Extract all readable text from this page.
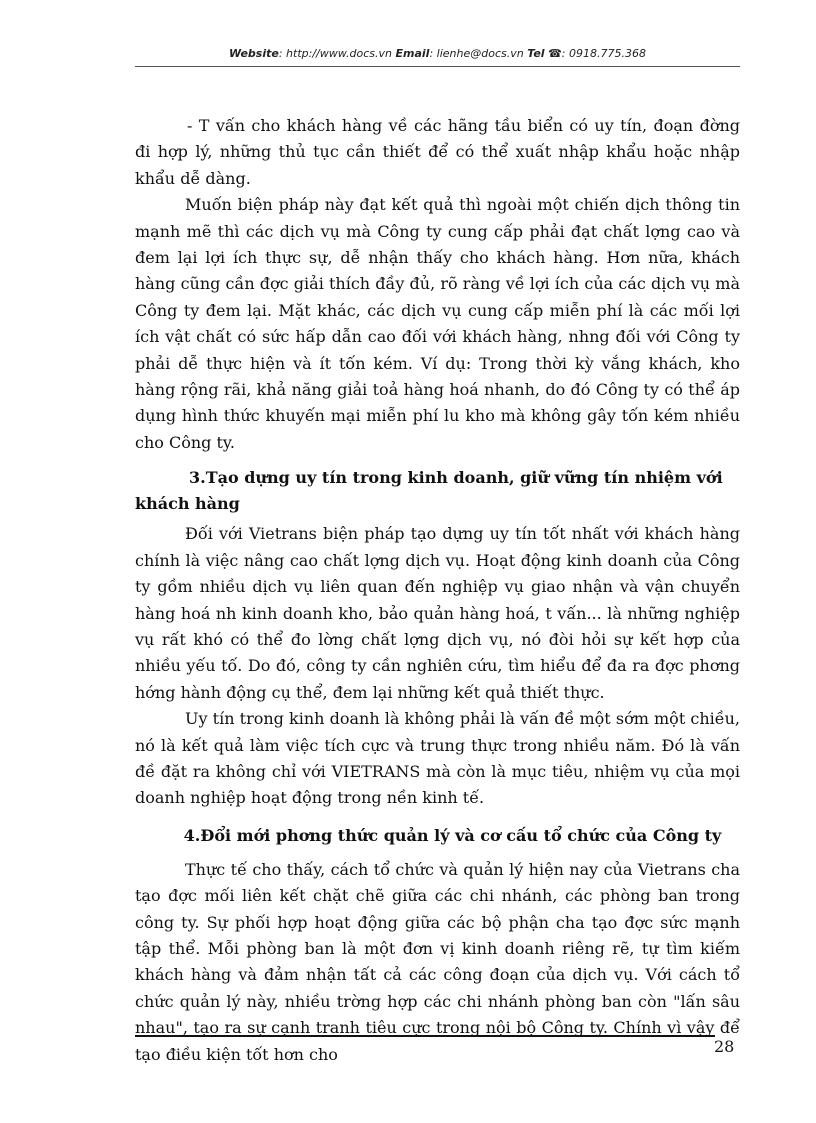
Website: http://www.docs.vn Email: lienhe@docs.vn Tel ☎: 0918.775.368

- T vấn cho khách hàng về các hãng tầu biển có uy tín, đoạn đờng đi hợp lý, những thủ tục cần thiết để có thể xuất nhập khẩu hoặc nhập khẩu dễ dàng.

Muốn biện pháp này đạt kết quả thì ngoài một chiến dịch thông tin mạnh mẽ thì các dịch vụ mà Công ty cung cấp phải đạt chất lợng cao và đem lại lợi ích thực sự, dễ nhận thấy cho khách hàng. Hơn nữa, khách hàng cũng cần đợc giải thích đầy đủ, rõ ràng về lợi ích của các dịch vụ mà Công ty đem lại. Mặt khác, các dịch vụ cung cấp miễn phí là các mối lợi ích vật chất có sức hấp dẫn cao đối với khách hàng, nhng đối với Công ty phải dễ thực hiện và ít tốn kém. Ví dụ: Trong thời kỳ vắng khách, kho hàng rộng rãi, khả năng giải toả hàng hoá nhanh, do đó Công ty có thể áp dụng hình thức khuyến mại miễn phí lu kho mà không gây tốn kém nhiều cho Công ty.

3.Tạo dựng uy tín trong kinh doanh, giữ vững tín nhiệm với khách hàng

Đối với Vietrans biện pháp tạo dựng uy tín tốt nhất với khách hàng chính là việc nâng cao chất lợng dịch vụ. Hoạt động kinh doanh của Công ty gồm nhiều dịch vụ liên quan đến nghiệp vụ giao nhận và vận chuyển hàng hoá nh kinh doanh kho, bảo quản hàng hoá, t vấn... là những nghiệp vụ rất khó có thể đo lờng chất lợng dịch vụ, nó đòi hỏi sự kết hợp của nhiều yếu tố. Do đó, công ty cần nghiên cứu, tìm hiểu để đa ra đợc phơng hớng hành động cụ thể, đem lại những kết quả thiết thực.

Uy tín trong kinh doanh là không phải là vấn đề một sớm một chiều, nó là kết quả làm việc tích cực và trung thực trong nhiều năm. Đó là vấn đề đặt ra không chỉ với VIETRANS mà còn là mục tiêu, nhiệm vụ của mọi doanh nghiệp hoạt động trong nền kinh tế.

4.Đổi mới phơng thức quản lý và cơ cấu tổ chức của Công ty

Thực tế cho thấy, cách tổ chức và quản lý hiện nay của Vietrans cha tạo đợc mối liên kết chặt chẽ giữa các chi nhánh, các phòng ban trong công ty. Sự phối hợp hoạt động giữa các bộ phận cha tạo đợc sức mạnh tập thể. Mỗi phòng ban là một đơn vị kinh doanh riêng rẽ, tự tìm kiếm khách hàng và đảm nhận tất cả các công đoạn của dịch vụ. Với cách tổ chức quản lý này, nhiều trờng hợp các chi nhánh phòng ban còn "lấn sâu nhau", tạo ra sự cạnh tranh tiêu cực trong nội bộ Công ty. Chính vì vậy để tạo điều kiện tốt hơn cho	28
